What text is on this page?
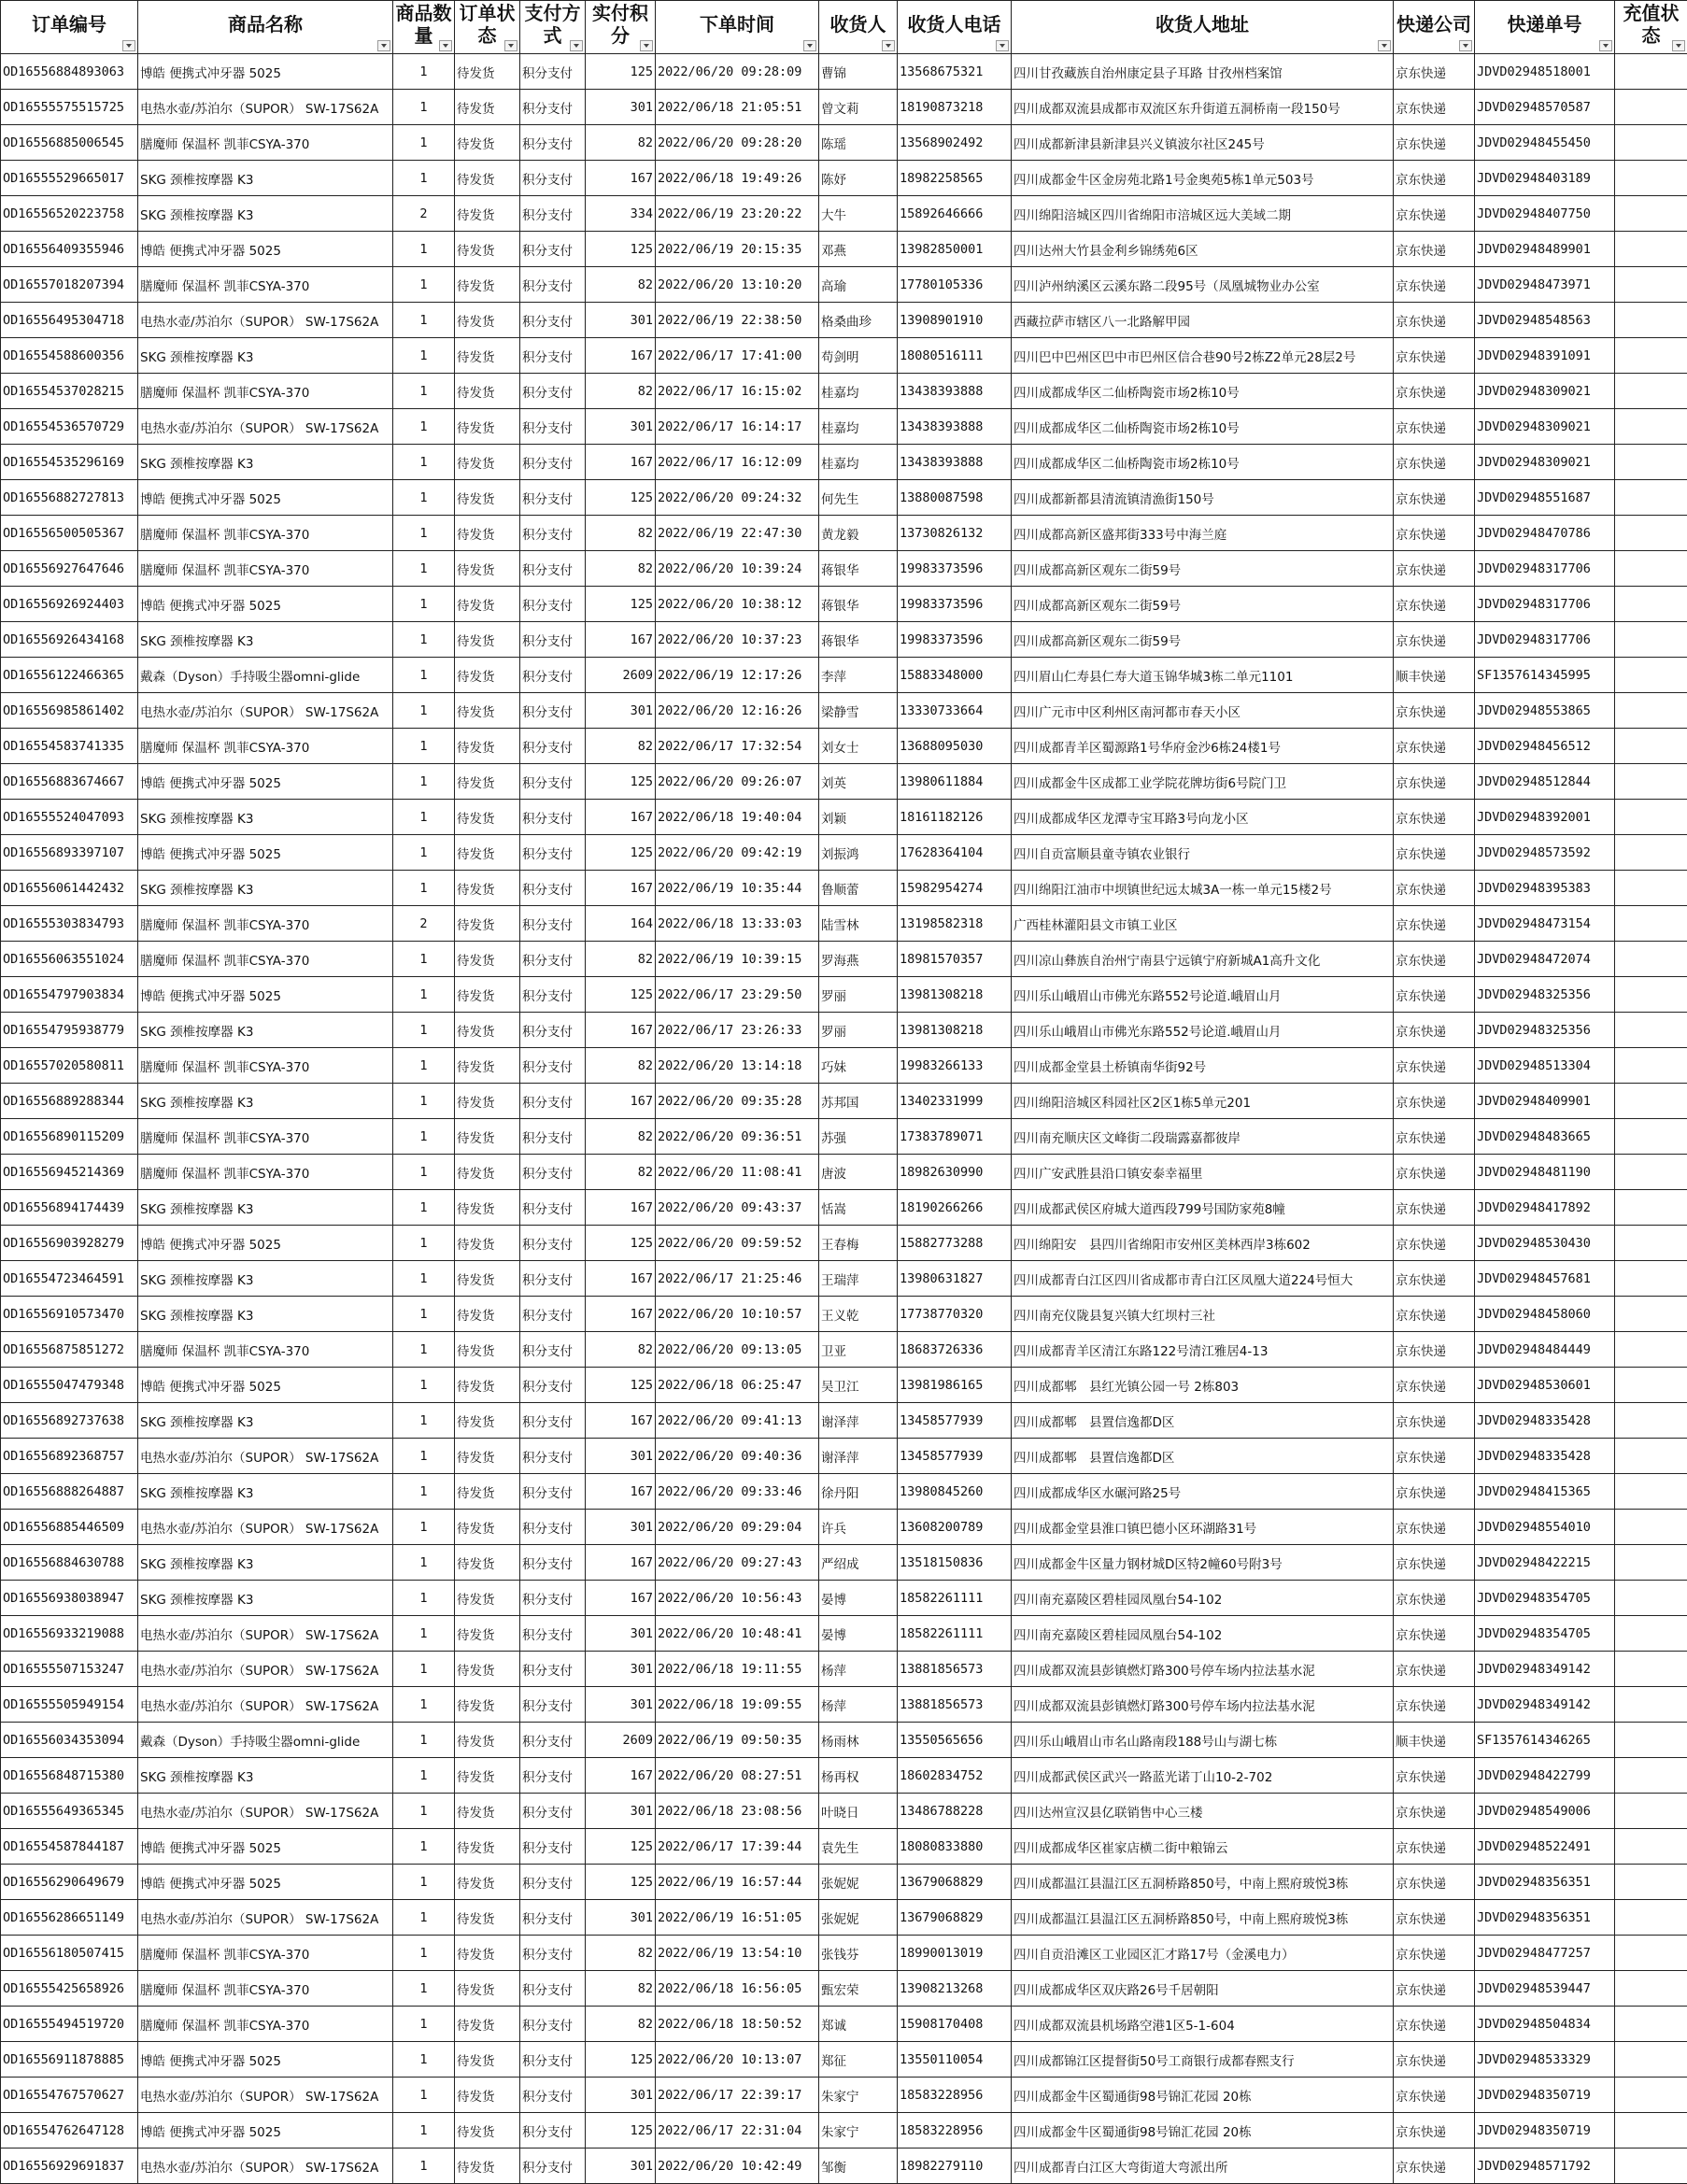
订单编号	商品名称	商品数量	订单状态	支付方式	实付积分	下单时间	收货人	收货人电话	收货人地址	快递公司	快递单号	充值状态

OD16556884893063	博皓 便携式冲牙器 5025	1	待发货	积分支付	125	2022/06/20 09:28:09	曹锦	13568675321	四川甘孜藏族自治州康定县子耳路 甘孜州档案馆	京东快递	JDVD02948518001	
OD16555575515725	电热水壶/苏泊尔（SUPOR） SW-17S62A	1	待发货	积分支付	301	2022/06/18 21:05:51	曾文莉	18190873218	四川成都双流县成都市双流区东升街道五洞桥南一段150号	京东快递	JDVD02948570587	
OD16556885006545	膳魔师 保温杯 凯菲CSYA-370	1	待发货	积分支付	82	2022/06/20 09:28:20	陈瑶	13568902492	四川成都新津县新津县兴义镇波尔社区245号	京东快递	JDVD02948455450	
OD16555529665017	SKG 颈椎按摩器 K3	1	待发货	积分支付	167	2022/06/18 19:49:26	陈妤	18982258565	四川成都金牛区金房苑北路1号金奥苑5栋1单元503号	京东快递	JDVD02948403189	
OD16556520223758	SKG 颈椎按摩器 K3	2	待发货	积分支付	334	2022/06/19 23:20:22	大牛	15892646666	四川绵阳涪城区四川省绵阳市涪城区远大美域二期	京东快递	JDVD02948407750	
OD16556409355946	博皓 便携式冲牙器 5025	1	待发货	积分支付	125	2022/06/19 20:15:35	邓燕	13982850001	四川达州大竹县金利乡锦绣苑6区	京东快递	JDVD02948489901	
OD16557018207394	膳魔师 保温杯 凯菲CSYA-370	1	待发货	积分支付	82	2022/06/20 13:10:20	高瑜	17780105336	四川泸州纳溪区云溪东路二段95号（凤凰城物业办公室	京东快递	JDVD02948473971	
OD16556495304718	电热水壶/苏泊尔（SUPOR） SW-17S62A	1	待发货	积分支付	301	2022/06/19 22:38:50	格桑曲珍	13908901910	西藏拉萨市辖区八一北路解甲园	京东快递	JDVD02948548563	
OD16554588600356	SKG 颈椎按摩器 K3	1	待发货	积分支付	167	2022/06/17 17:41:00	苟剑明	18080516111	四川巴中巴州区巴中市巴州区信合巷90号2栋Z2单元28层2号	京东快递	JDVD02948391091	
OD16554537028215	膳魔师 保温杯 凯菲CSYA-370	1	待发货	积分支付	82	2022/06/17 16:15:02	桂嘉均	13438393888	四川成都成华区二仙桥陶瓷市场2栋10号	京东快递	JDVD02948309021	
OD16554536570729	电热水壶/苏泊尔（SUPOR） SW-17S62A	1	待发货	积分支付	301	2022/06/17 16:14:17	桂嘉均	13438393888	四川成都成华区二仙桥陶瓷市场2栋10号	京东快递	JDVD02948309021	
OD16554535296169	SKG 颈椎按摩器 K3	1	待发货	积分支付	167	2022/06/17 16:12:09	桂嘉均	13438393888	四川成都成华区二仙桥陶瓷市场2栋10号	京东快递	JDVD02948309021	
OD16556882727813	博皓 便携式冲牙器 5025	1	待发货	积分支付	125	2022/06/20 09:24:32	何先生	13880087598	四川成都新都县清流镇清漁街150号	京东快递	JDVD02948551687	
OD16556500505367	膳魔师 保温杯 凯菲CSYA-370	1	待发货	积分支付	82	2022/06/19 22:47:30	黄龙毅	13730826132	四川成都高新区盛邦街333号中海兰庭	京东快递	JDVD02948470786	
OD16556927647646	膳魔师 保温杯 凯菲CSYA-370	1	待发货	积分支付	82	2022/06/20 10:39:24	蒋银华	19983373596	四川成都高新区观东二街59号	京东快递	JDVD02948317706	
OD16556926924403	博皓 便携式冲牙器 5025	1	待发货	积分支付	125	2022/06/20 10:38:12	蒋银华	19983373596	四川成都高新区观东二街59号	京东快递	JDVD02948317706	
OD16556926434168	SKG 颈椎按摩器 K3	1	待发货	积分支付	167	2022/06/20 10:37:23	蒋银华	19983373596	四川成都高新区观东二街59号	京东快递	JDVD02948317706	
OD16556122466365	戴森（Dyson）手持吸尘器omni-glide	1	待发货	积分支付	2609	2022/06/19 12:17:26	李萍	15883348000	四川眉山仁寿县仁寿大道玉锦华城3栋二单元1101	顺丰快递	SF1357614345995	
OD16556985861402	电热水壶/苏泊尔（SUPOR） SW-17S62A	1	待发货	积分支付	301	2022/06/20 12:16:26	梁静雪	13330733664	四川广元市中区利州区南河都市春天小区	京东快递	JDVD02948553865	
OD16554583741335	膳魔师 保温杯 凯菲CSYA-370	1	待发货	积分支付	82	2022/06/17 17:32:54	刘女士	13688095030	四川成都青羊区蜀源路1号华府金沙6栋24楼1号	京东快递	JDVD02948456512	
OD16556883674667	博皓 便携式冲牙器 5025	1	待发货	积分支付	125	2022/06/20 09:26:07	刘英	13980611884	四川成都金牛区成都工业学院花牌坊街6号院门卫	京东快递	JDVD02948512844	
OD16555524047093	SKG 颈椎按摩器 K3	1	待发货	积分支付	167	2022/06/18 19:40:04	刘颖	18161182126	四川成都成华区龙潭寺宝耳路3号向龙小区	京东快递	JDVD02948392001	
OD16556893397107	博皓 便携式冲牙器 5025	1	待发货	积分支付	125	2022/06/20 09:42:19	刘振鸿	17628364104	四川自贡富顺县童寺镇农业银行	京东快递	JDVD02948573592	
OD16556061442432	SKG 颈椎按摩器 K3	1	待发货	积分支付	167	2022/06/19 10:35:44	鲁顺蕾	15982954274	四川绵阳江油市中坝镇世纪远太城3A一栋一单元15楼2号	京东快递	JDVD02948395383	
OD16555303834793	膳魔师 保温杯 凯菲CSYA-370	2	待发货	积分支付	164	2022/06/18 13:33:03	陆雪林	13198582318	广西桂林灌阳县文市镇工业区	京东快递	JDVD02948473154	
OD16556063551024	膳魔师 保温杯 凯菲CSYA-370	1	待发货	积分支付	82	2022/06/19 10:39:15	罗海燕	18981570357	四川凉山彝族自治州宁南县宁远镇宁府新城A1高升文化	京东快递	JDVD02948472074	
OD16554797903834	博皓 便携式冲牙器 5025	1	待发货	积分支付	125	2022/06/17 23:29:50	罗丽	13981308218	四川乐山峨眉山市佛光东路552号论道.峨眉山月	京东快递	JDVD02948325356	
OD16554795938779	SKG 颈椎按摩器 K3	1	待发货	积分支付	167	2022/06/17 23:26:33	罗丽	13981308218	四川乐山峨眉山市佛光东路552号论道.峨眉山月	京东快递	JDVD02948325356	
OD16557020580811	膳魔师 保温杯 凯菲CSYA-370	1	待发货	积分支付	82	2022/06/20 13:14:18	巧妹	19983266133	四川成都金堂县土桥镇南华街92号	京东快递	JDVD02948513304	
OD16556889288344	SKG 颈椎按摩器 K3	1	待发货	积分支付	167	2022/06/20 09:35:28	苏邦国	13402331999	四川绵阳涪城区科园社区2区1栋5单元201	京东快递	JDVD02948409901	
OD16556890115209	膳魔师 保温杯 凯菲CSYA-370	1	待发货	积分支付	82	2022/06/20 09:36:51	苏强	17383789071	四川南充顺庆区文峰街二段瑞露嘉都彼岸	京东快递	JDVD02948483665	
OD16556945214369	膳魔师 保温杯 凯菲CSYA-370	1	待发货	积分支付	82	2022/06/20 11:08:41	唐波	18982630990	四川广安武胜县沿口镇安泰幸福里	京东快递	JDVD02948481190	
OD16556894174439	SKG 颈椎按摩器 K3	1	待发货	积分支付	167	2022/06/20 09:43:37	恬嵩	18190266266	四川成都武侯区府城大道西段799号国防家苑8幢	京东快递	JDVD02948417892	
OD16556903928279	博皓 便携式冲牙器 5025	1	待发货	积分支付	125	2022/06/20 09:59:52	王春梅	15882773288	四川绵阳安　县四川省绵阳市安州区美林西岸3栋602	京东快递	JDVD02948530430	
OD16554723464591	SKG 颈椎按摩器 K3	1	待发货	积分支付	167	2022/06/17 21:25:46	王瑞萍	13980631827	四川成都青白江区四川省成都市青白江区凤凰大道224号恒大	京东快递	JDVD02948457681	
OD16556910573470	SKG 颈椎按摩器 K3	1	待发货	积分支付	167	2022/06/20 10:10:57	王义乾	17738770320	四川南充仪陇县复兴镇大红坝村三社	京东快递	JDVD02948458060	
OD16556875851272	膳魔师 保温杯 凯菲CSYA-370	1	待发货	积分支付	82	2022/06/20 09:13:05	卫亚	18683726336	四川成都青羊区清江东路122号清江雅居4-13	京东快递	JDVD02948484449	
OD16555047479348	博皓 便携式冲牙器 5025	1	待发货	积分支付	125	2022/06/18 06:25:47	吴卫江	13981986165	四川成都郫　县红光镇公园一号 2栋803	京东快递	JDVD02948530601	
OD16556892737638	SKG 颈椎按摩器 K3	1	待发货	积分支付	167	2022/06/20 09:41:13	谢泽萍	13458577939	四川成都郫　县置信逸都D区	京东快递	JDVD02948335428	
OD16556892368757	电热水壶/苏泊尔（SUPOR） SW-17S62A	1	待发货	积分支付	301	2022/06/20 09:40:36	谢泽萍	13458577939	四川成都郫　县置信逸都D区	京东快递	JDVD02948335428	
OD16556888264887	SKG 颈椎按摩器 K3	1	待发货	积分支付	167	2022/06/20 09:33:46	徐丹阳	13980845260	四川成都成华区水碾河路25号	京东快递	JDVD02948415365	
OD16556885446509	电热水壶/苏泊尔（SUPOR） SW-17S62A	1	待发货	积分支付	301	2022/06/20 09:29:04	许兵	13608200789	四川成都金堂县淮口镇巴德小区环湖路31号	京东快递	JDVD02948554010	
OD16556884630788	SKG 颈椎按摩器 K3	1	待发货	积分支付	167	2022/06/20 09:27:43	严绍成	13518150836	四川成都金牛区量力钢材城D区特2幢60号附3号	京东快递	JDVD02948422215	
OD16556938038947	SKG 颈椎按摩器 K3	1	待发货	积分支付	167	2022/06/20 10:56:43	晏博	18582261111	四川南充嘉陵区碧桂园凤凰台54-102	京东快递	JDVD02948354705	
OD16556933219088	电热水壶/苏泊尔（SUPOR） SW-17S62A	1	待发货	积分支付	301	2022/06/20 10:48:41	晏博	18582261111	四川南充嘉陵区碧桂园凤凰台54-102	京东快递	JDVD02948354705	
OD16555507153247	电热水壶/苏泊尔（SUPOR） SW-17S62A	1	待发货	积分支付	301	2022/06/18 19:11:55	杨萍	13881856573	四川成都双流县彭镇燃灯路300号停车场内拉法基水泥	京东快递	JDVD02948349142	
OD16555505949154	电热水壶/苏泊尔（SUPOR） SW-17S62A	1	待发货	积分支付	301	2022/06/18 19:09:55	杨萍	13881856573	四川成都双流县彭镇燃灯路300号停车场内拉法基水泥	京东快递	JDVD02948349142	
OD16556034353094	戴森（Dyson）手持吸尘器omni-glide	1	待发货	积分支付	2609	2022/06/19 09:50:35	杨雨林	13550565656	四川乐山峨眉山市名山路南段188号山与湖七栋	顺丰快递	SF1357614346265	
OD16556848715380	SKG 颈椎按摩器 K3	1	待发货	积分支付	167	2022/06/20 08:27:51	杨再权	18602834752	四川成都武侯区武兴一路蓝光诺丁山10-2-702	京东快递	JDVD02948422799	
OD16555649365345	电热水壶/苏泊尔（SUPOR） SW-17S62A	1	待发货	积分支付	301	2022/06/18 23:08:56	叶晓日	13486788228	四川达州宣汉县亿联销售中心三楼	京东快递	JDVD02948549006	
OD16554587844187	博皓 便携式冲牙器 5025	1	待发货	积分支付	125	2022/06/17 17:39:44	袁先生	18080833880	四川成都成华区崔家店横二街中粮锦云	京东快递	JDVD02948522491	
OD16556290649679	博皓 便携式冲牙器 5025	1	待发货	积分支付	125	2022/06/19 16:57:44	张妮妮	13679068829	四川成都温江县温江区五洞桥路850号，中南上熙府玻悦3栋	京东快递	JDVD02948356351	
OD16556286651149	电热水壶/苏泊尔（SUPOR） SW-17S62A	1	待发货	积分支付	301	2022/06/19 16:51:05	张妮妮	13679068829	四川成都温江县温江区五洞桥路850号，中南上熙府玻悦3栋	京东快递	JDVD02948356351	
OD16556180507415	膳魔师 保温杯 凯菲CSYA-370	1	待发货	积分支付	82	2022/06/19 13:54:10	张钱芬	18990013019	四川自贡沿滩区工业园区汇才路17号（金溪电力）	京东快递	JDVD02948477257	
OD16555425658926	膳魔师 保温杯 凯菲CSYA-370	1	待发货	积分支付	82	2022/06/18 16:56:05	甄宏荣	13908213268	四川成都成华区双庆路26号千居朝阳	京东快递	JDVD02948539447	
OD16555494519720	膳魔师 保温杯 凯菲CSYA-370	1	待发货	积分支付	82	2022/06/18 18:50:52	郑诚	15908170408	四川成都双流县机场路空港1区5-1-604	京东快递	JDVD02948504834	
OD16556911878885	博皓 便携式冲牙器 5025	1	待发货	积分支付	125	2022/06/20 10:13:07	郑征	13550110054	四川成都锦江区提督街50号工商银行成都春熙支行	京东快递	JDVD02948533329	
OD16554767570627	电热水壶/苏泊尔（SUPOR） SW-17S62A	1	待发货	积分支付	301	2022/06/17 22:39:17	朱家宁	18583228956	四川成都金牛区蜀通街98号锦汇花园 20栋	京东快递	JDVD02948350719	
OD16554762647128	博皓 便携式冲牙器 5025	1	待发货	积分支付	125	2022/06/17 22:31:04	朱家宁	18583228956	四川成都金牛区蜀通街98号锦汇花园 20栋	京东快递	JDVD02948350719	
OD16556929691837	电热水壶/苏泊尔（SUPOR） SW-17S62A	1	待发货	积分支付	301	2022/06/20 10:42:49	邹衡	18982279110	四川成都青白江区大弯街道大弯派出所	京东快递	JDVD02948571792	
